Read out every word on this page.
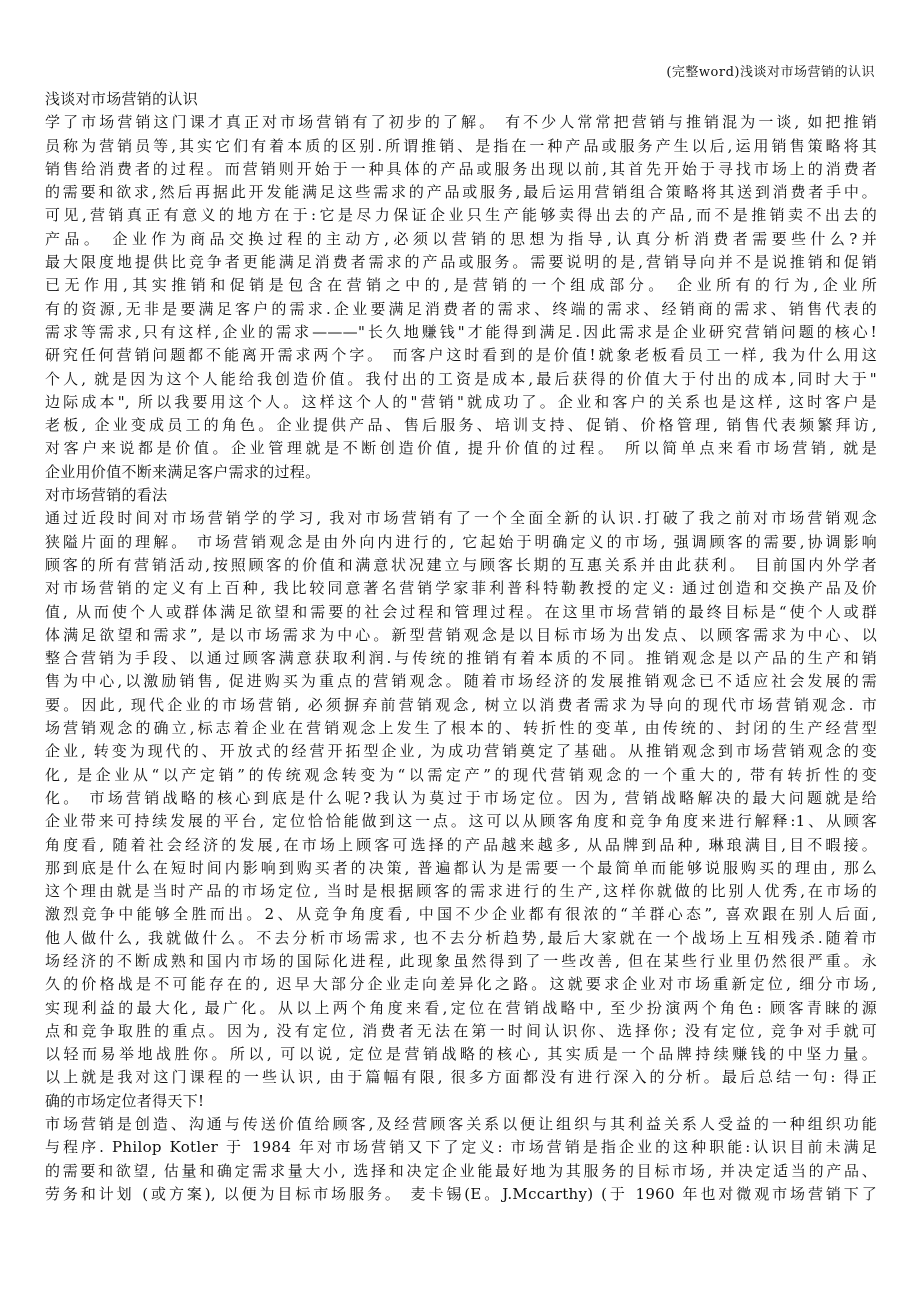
(完整word)浅谈对市场营销的认识
浅谈对市场营销的认识
学了市场营销这门课才真正对市场营销有了初步的了解。 有不少人常常把营销与推销混为一谈, 如把推销
员称为营销员等,其实它们有着本质的区别.所谓推销、是指在一种产品或服务产生以后,运用销售策略将其
销售给消费者的过程。而营销则开始于一种具体的产品或服务出现以前,其首先开始于寻找市场上的消费者
的需要和欲求,然后再据此开发能满足这些需求的产品或服务,最后运用营销组合策略将其送到消费者手中。
可见,营销真正有意义的地方在于:它是尽力保证企业只生产能够卖得出去的产品,而不是推销卖不出去的
产品。 企业作为商品交换过程的主动方,必须以营销的思想为指导,认真分析消费者需要些什么?并
最大限度地提供比竞争者更能满足消费者需求的产品或服务。需要说明的是,营销导向并不是说推销和促销
已无作用,其实推销和促销是包含在营销之中的,是营销的一个组成部分。 企业所有的行为,企业所
有的资源,无非是要满足客户的需求.企业要满足消费者的需求、终端的需求、经销商的需求、销售代表的
需求等需求,只有这样,企业的需求———"长久地赚钱"才能得到满足.因此需求是企业研究营销问题的核心!
研究任何营销问题都不能离开需求两个字。 而客户这时看到的是价值!就象老板看员工一样, 我为什么用这
个人, 就是因为这个人能给我创造价值。我付出的工资是成本,最后获得的价值大于付出的成本,同时大于"
边际成本", 所以我要用这个人。这样这个人的"营销"就成功了。企业和客户的关系也是这样, 这时客户是
老板, 企业变成员工的角色。企业提供产品、售后服务、培训支持、促销、价格管理, 销售代表频繁拜访,
对客户来说都是价值。企业管理就是不断创造价值, 提升价值的过程。 所以简单点来看市场营销, 就是
企业用价值不断来满足客户需求的过程。
对市场营销的看法
通过近段时间对市场营销学的学习, 我对市场营销有了一个全面全新的认识.打破了我之前对市场营销观念
狭隘片面的理解。 市场营销观念是由外向内进行的, 它起始于明确定义的市场, 强调顾客的需要,协调影响
顾客的所有营销活动,按照顾客的价值和满意状况建立与顾客长期的互惠关系并由此获利。 目前国内外学者
对市场营销的定义有上百种, 我比较同意著名营销学家菲利普科特勒教授的定义: 通过创造和交换产品及价
值, 从而使个人或群体满足欲望和需要的社会过程和管理过程。在这里市场营销的最终目标是“使个人或群
体满足欲望和需求”, 是以市场需求为中心。新型营销观念是以目标市场为出发点、以顾客需求为中心、以
整合营销为手段、以通过顾客满意获取利润.与传统的推销有着本质的不同。推销观念是以产品的生产和销
售为中心,以激励销售, 促进购买为重点的营销观念。随着市场经济的发展推销观念已不适应社会发展的需
要。因此, 现代企业的市场营销, 必须摒弃前营销观念, 树立以消费者需求为导向的现代市场营销观念. 市
场营销观念的确立,标志着企业在营销观念上发生了根本的、转折性的变革, 由传统的、封闭的生产经营型
企业, 转变为现代的、开放式的经营开拓型企业, 为成功营销奠定了基础。从推销观念到市场营销观念的变
化, 是企业从“以产定销”的传统观念转变为“以需定产”的现代营销观念的一个重大的, 带有转折性的变
化。 市场营销战略的核心到底是什么呢?我认为莫过于市场定位。因为, 营销战略解决的最大问题就是给
企业带来可持续发展的平台, 定位恰恰能做到这一点。这可以从顾客角度和竞争角度来进行解释:1、从顾客
角度看, 随着社会经济的发展,在市场上顾客可选择的产品越来越多, 从品牌到品种, 琳琅满目,目不暇接。
那到底是什么在短时间内影响到购买者的决策, 普遍都认为是需要一个最简单而能够说服购买的理由, 那么
这个理由就是当时产品的市场定位, 当时是根据顾客的需求进行的生产,这样你就做的比别人优秀,在市场的
激烈竞争中能够全胜而出。2、从竞争角度看, 中国不少企业都有很浓的“羊群心态”, 喜欢跟在别人后面,
他人做什么, 我就做什么。不去分析市场需求, 也不去分析趋势,最后大家就在一个战场上互相残杀.随着市
场经济的不断成熟和国内市场的国际化进程, 此现象虽然得到了一些改善, 但在某些行业里仍然很严重。永
久的价格战是不可能存在的, 迟早大部分企业走向差异化之路。这就要求企业对市场重新定位, 细分市场,
实现利益的最大化, 最广化。从以上两个角度来看,定位在营销战略中, 至少扮演两个角色: 顾客青睐的源
点和竞争取胜的重点。因为, 没有定位, 消费者无法在第一时间认识你、选择你; 没有定位, 竞争对手就可
以轻而易举地战胜你。所以, 可以说, 定位是营销战略的核心, 其实质是一个品牌持续赚钱的中坚力量。
以上就是我对这门课程的一些认识, 由于篇幅有限, 很多方面都没有进行深入的分析。最后总结一句: 得正
确的市场定位者得天下!
市场营销是创造、沟通与传送价值给顾客,及经营顾客关系以便让组织与其利益关系人受益的一种组织功能
与程序. Philop Kotler 于 1984 年对市场营销又下了定义: 市场营销是指企业的这种职能:认识目前未满足
的需要和欲望, 估量和确定需求量大小, 选择和决定企业能最好地为其服务的目标市场, 并决定适当的产品、
劳务和计划 (或方案), 以便为目标市场服务。 麦卡锡(E。J.Mccarthy) (于 1960 年也对微观市场营销下了
